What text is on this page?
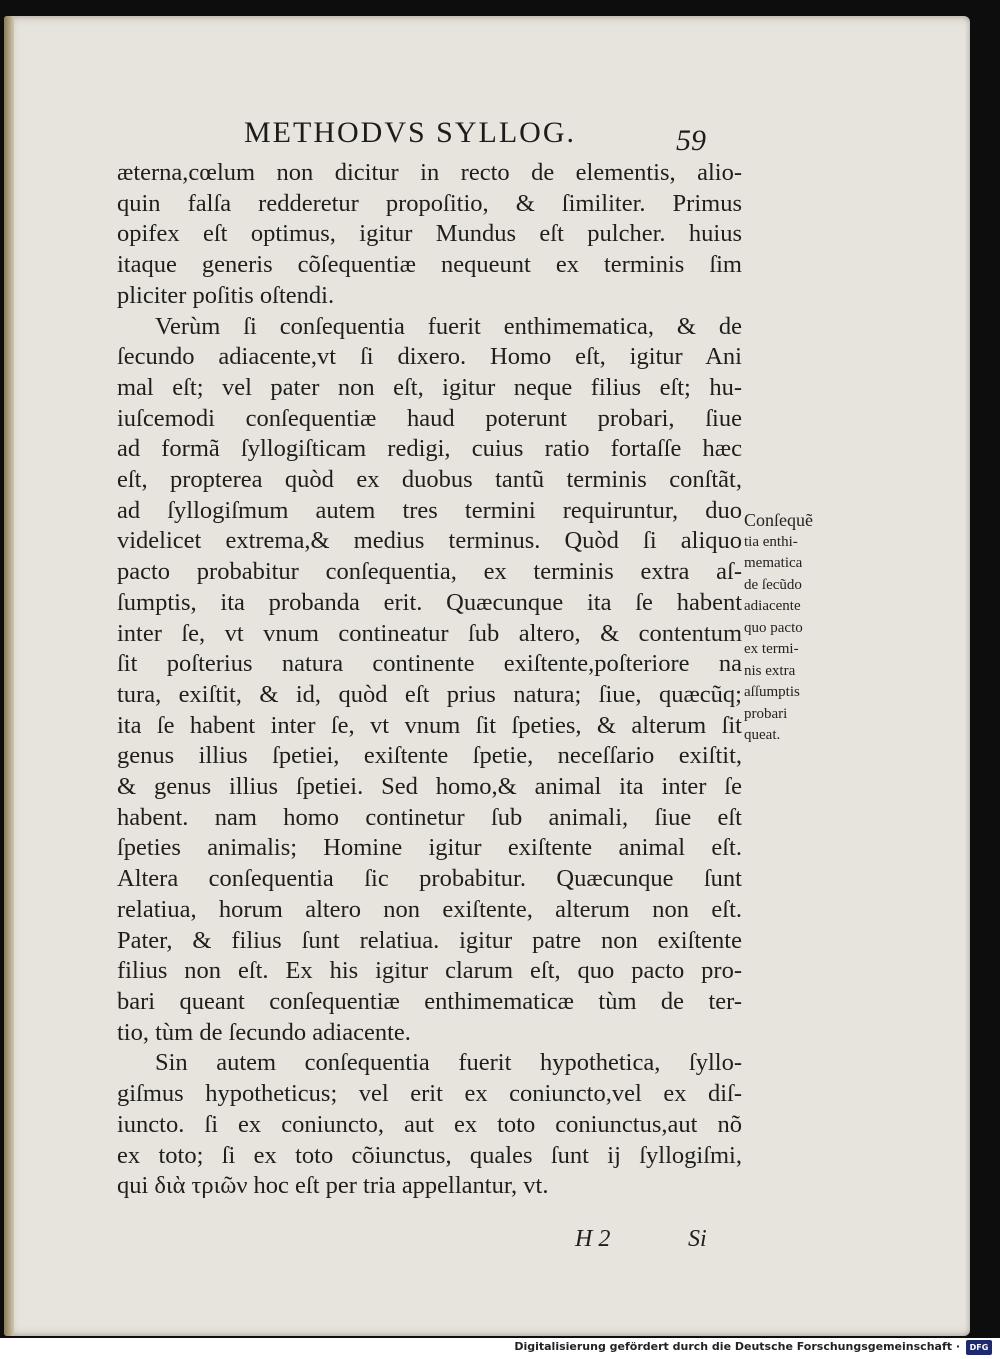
METHODVS SYLLOG.	59
æterna,cœlum non dicitur in recto de elementis, alio-
quin falſa redderetur propoſitio, & ſimiliter. Primus
opifex eſt optimus, igitur Mundus eſt pulcher. huius
itaque generis cõſequentiæ nequeunt ex terminis ſim
pliciter poſitis oſtendi.
Verùm ſi conſequentia fuerit enthimematica, & de
ſecundo adiacente,vt ſi dixero. Homo eſt, igitur Ani
mal eſt; vel pater non eſt, igitur neque filius eſt; hu-
iuſcemodi conſequentiæ haud poterunt probari, ſiue
ad formã ſyllogiſticam redigi, cuius ratio fortaſſe hæc
eſt, propterea quòd ex duobus tantũ terminis conſtãt,
ad ſyllogiſmum autem tres termini requiruntur, duo
videlicet extrema,& medius terminus. Quòd ſi aliquo
pacto probabitur conſequentia, ex terminis extra aſ-
ſumptis, ita probanda erit. Quæcunque ita ſe habent
inter ſe, vt vnum contineatur ſub altero, & contentum
ſit poſterius natura continente exiſtente,poſteriore na
tura, exiſtit, & id, quòd eſt prius natura; ſiue, quæcũq;
ita ſe habent inter ſe, vt vnum ſit ſpeties, & alterum ſit
genus illius ſpetiei, exiſtente ſpetie, neceſſario exiſtit,
& genus illius ſpetiei. Sed homo,& animal ita inter ſe
habent. nam homo continetur ſub animali, ſiue eſt
ſpeties animalis; Homine igitur exiſtente animal eſt.
Altera conſequentia ſic probabitur. Quæcunque ſunt
relatiua, horum altero non exiſtente, alterum non eſt.
Pater, & filius ſunt relatiua. igitur patre non exiſtente
filius non eſt. Ex his igitur clarum eſt, quo pacto pro-
bari queant conſequentiæ enthimematicæ tùm de ter-
tio, tùm de ſecundo adiacente.
Sin autem conſequentia fuerit hypothetica, ſyllo-
giſmus hypotheticus; vel erit ex coniuncto,vel ex diſ-
iuncto. ſi ex coniuncto, aut ex toto coniunctus,aut nõ
ex toto; ſi ex toto cõiunctus, quales ſunt ij ſyllogiſmi,
qui διὰ τριῶν hoc eſt per tria appellantur, vt.
Conſequẽ
tia enthi-
mematica
de ſecũdo
adiacente
quo pacto
ex termi-
nis extra
aſſumptis
probari
queat.
H 2	Si
Digitalisierung gefördert durch die Deutsche Forschungsgemeinschaft ·	DFG
